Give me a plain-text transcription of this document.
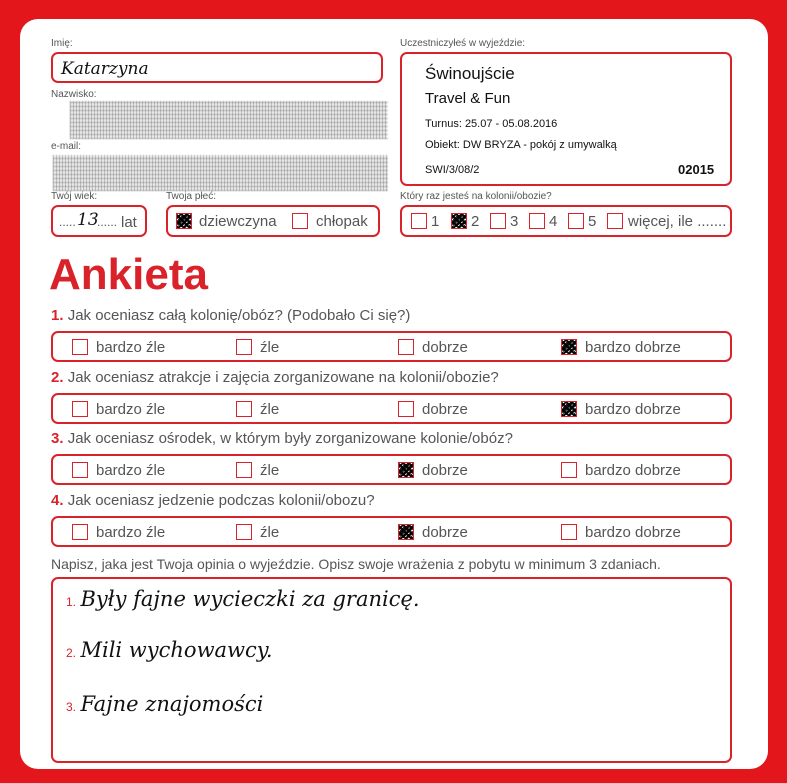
Imię:
Katarzyna
Nazwisko:
e-mail:
Twój wiek:
..... 13
...... lat
Twoja płeć:
dziewczyna	chłopak
Uczestniczyłeś w wyjeździe:
Świnoujście
Travel & Fun
Turnus: 25.07 - 05.08.2016
Obiekt: DW BRYZA - pokój z umywalką
SWI/3/08/2	02015
Który raz jesteś na kolonii/obozie?
1 2 3 4 5 więcej, ile .......
Ankieta
1. Jak oceniasz całą kolonię/obóz? (Podobało Ci się?)
bardzo źle	źle	dobrze	bardzo dobrze
2. Jak oceniasz atrakcje i zajęcia zorganizowane na kolonii/obozie?
bardzo źle	źle	dobrze	bardzo dobrze
3. Jak oceniasz ośrodek, w którym były zorganizowane kolonie/obóz?
bardzo źle	źle	dobrze	bardzo dobrze
4. Jak oceniasz jedzenie podczas kolonii/obozu?
bardzo źle	źle	dobrze	bardzo dobrze
Napisz, jaka jest Twoja opinia o wyjeździe. Opisz swoje wrażenia z pobytu w minimum 3 zdaniach.
1. Były fajne wycieczki za granicę.
2. Mili wychowawcy.
3. Fajne znajomości
